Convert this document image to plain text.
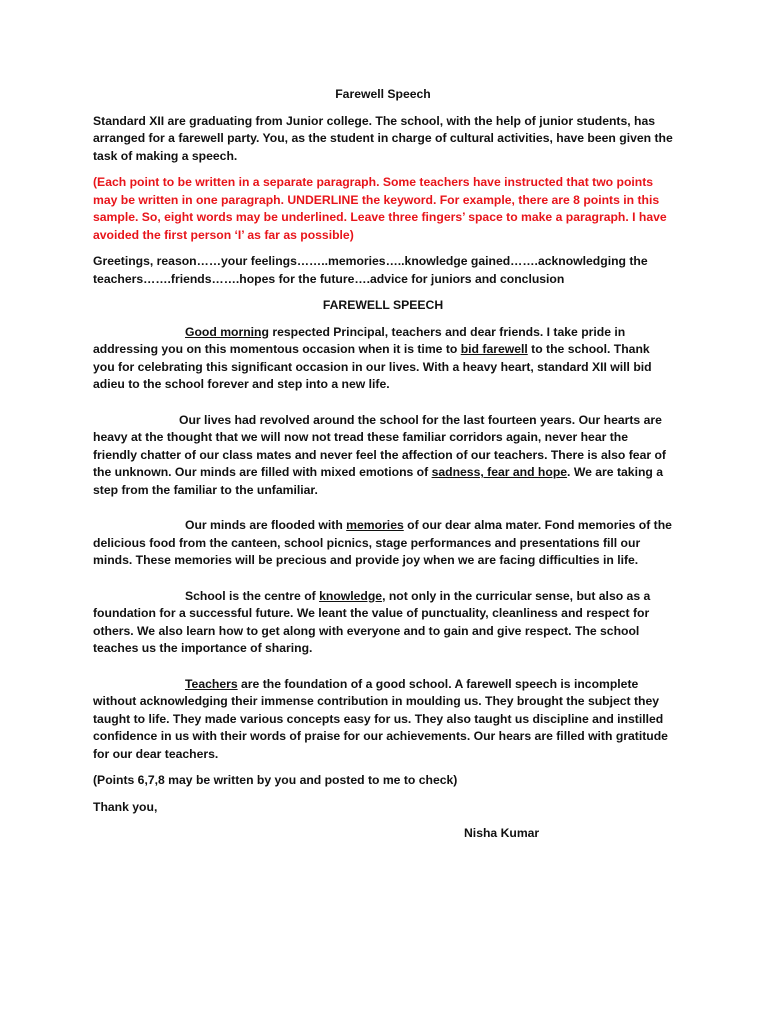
Farewell Speech

Standard XII are graduating from Junior college. The school, with the help of junior students, has arranged for a farewell party. You, as the student in charge of cultural activities, have been given the task of making a speech.

(Each point to be written in a separate paragraph. Some teachers have instructed that two points may be written in one paragraph. UNDERLINE the keyword. For example, there are 8 points in this sample. So, eight words may be underlined. Leave three fingers’ space to make a paragraph. I have avoided the first person ‘I’ as far as possible)

Greetings, reason……your feelings……..memories…..knowledge gained…….acknowledging the teachers…….friends…….hopes for the future….advice for juniors and conclusion

FAREWELL SPEECH

Good morning respected Principal, teachers and dear friends. I take pride in addressing you on this momentous occasion when it is time to bid farewell to the school. Thank you for celebrating this significant occasion in our lives. With a heavy heart, standard XII will bid adieu to the school forever and step into a new life.

Our lives had revolved around the school for the last fourteen years. Our hearts are heavy at the thought that we will now not tread these familiar corridors again, never hear the friendly chatter of our class mates and never feel the affection of our teachers. There is also fear of the unknown. Our minds are filled with mixed emotions of sadness, fear and hope. We are taking a step from the familiar to the unfamiliar.

Our minds are flooded with memories of our dear alma mater. Fond memories of the delicious food from the canteen, school picnics, stage performances and presentations fill our minds. These memories will be precious and provide joy when we are facing difficulties in life.

School is the centre of knowledge, not only in the curricular sense, but also as a foundation for a successful future. We leant the value of punctuality, cleanliness and respect for others. We also learn how to get along with everyone and to gain and give respect. The school teaches us the importance of sharing.

Teachers are the foundation of a good school. A farewell speech is incomplete without acknowledging their immense contribution in moulding us. They brought the subject they taught to life. They made various concepts easy for us. They also taught us discipline and instilled confidence in us with their words of praise for our achievements. Our hears are filled with gratitude for our dear teachers.

(Points 6,7,8 may be written by you and posted to me to check)

Thank you,

Nisha Kumar
